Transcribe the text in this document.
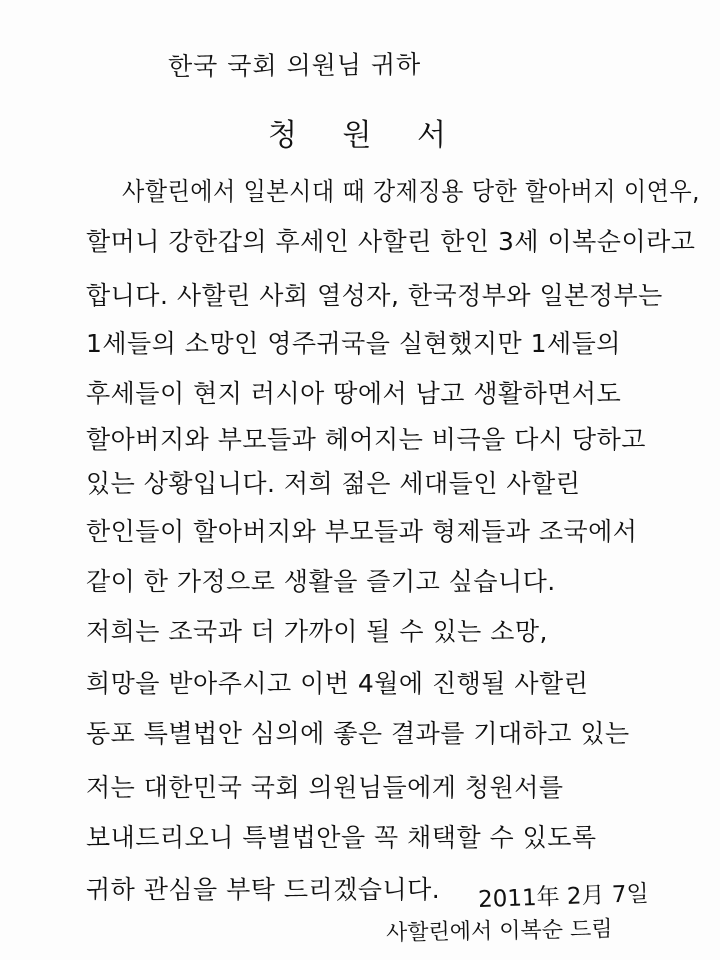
한국 국회 의원님 귀하
청 원 서
사할린에서 일본시대 때 강제징용 당한 할아버지 이연우,
할머니 강한갑의 후세인 사할린 한인 3세 이복순이라고
합니다. 사할린 사회 열성자, 한국정부와 일본정부는
1세들의 소망인 영주귀국을 실현했지만 1세들의
후세들이 현지 러시아 땅에서 남고 생활하면서도
할아버지와 부모들과 헤어지는 비극을 다시 당하고
있는 상황입니다. 저희 젊은 세대들인 사할린
한인들이 할아버지와 부모들과 형제들과 조국에서
같이 한 가정으로 생활을 즐기고 싶습니다.
저희는 조국과 더 가까이 될 수 있는 소망,
희망을 받아주시고 이번 4월에 진행될 사할린
동포 특별법안 심의에 좋은 결과를 기대하고 있는
저는 대한민국 국회 의원님들에게 청원서를
보내드리오니 특별법안을 꼭 채택할 수 있도록
귀하 관심을 부탁 드리겠습니다. 2011年 2月 7일
사할린에서 이복순 드림
